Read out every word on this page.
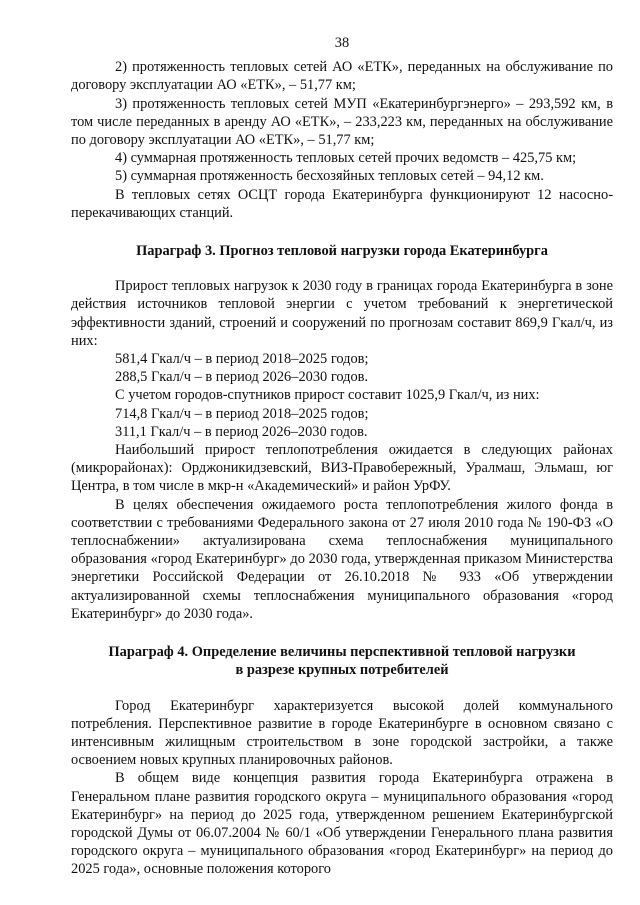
38

2) протяженность тепловых сетей АО «ЕТК», переданных на обслуживание по договору эксплуатации АО «ЕТК», – 51,77 км;

3) протяженность тепловых сетей МУП «Екатеринбургэнерго» – 293,592 км, в том числе переданных в аренду АО «ЕТК», – 233,223 км, переданных на обслуживание по договору эксплуатации АО «ЕТК», – 51,77 км;

4) суммарная протяженность тепловых сетей прочих ведомств – 425,75 км;

5) суммарная протяженность бесхозяйных тепловых сетей – 94,12 км.

В тепловых сетях ОСЦТ города Екатеринбурга функционируют 12 насосно-перекачивающих станций.

Параграф 3. Прогноз тепловой нагрузки города Екатеринбурга

Прирост тепловых нагрузок к 2030 году в границах города Екатеринбурга в зоне действия источников тепловой энергии с учетом требований к энергетической эффективности зданий, строений и сооружений по прогнозам составит 869,9 Гкал/ч, из них:

581,4 Гкал/ч – в период 2018–2025 годов;

288,5 Гкал/ч – в период 2026–2030 годов.

С учетом городов-спутников прирост составит 1025,9 Гкал/ч, из них:

714,8 Гкал/ч – в период 2018–2025 годов;

311,1 Гкал/ч – в период 2026–2030 годов.

Наибольший прирост теплопотребления ожидается в следующих районах (микрорайонах): Орджоникидзевский, ВИЗ-Правобережный, Уралмаш, Эльмаш, юг Центра, в том числе в мкр-н «Академический» и район УрФУ.

В целях обеспечения ожидаемого роста теплопотребления жилого фонда в соответствии с требованиями Федерального закона от 27 июля 2010 года № 190-ФЗ «О теплоснабжении» актуализирована схема теплоснабжения муниципального образования «город Екатеринбург» до 2030 года, утвержденная приказом Министерства энергетики Российской Федерации от 26.10.2018 № 933 «Об утверждении актуализированной схемы теплоснабжения муниципального образования «город Екатеринбург» до 2030 года».

Параграф 4. Определение величины перспективной тепловой нагрузки
в разрезе крупных потребителей

Город Екатеринбург характеризуется высокой долей коммунального потребления. Перспективное развитие в городе Екатеринбурге в основном связано с интенсивным жилищным строительством в зоне городской застройки, а также освоением новых крупных планировочных районов.

В общем виде концепция развития города Екатеринбурга отражена в Генеральном плане развития городского округа – муниципального образования «город Екатеринбург» на период до 2025 года, утвержденном решением Екатеринбургской городской Думы от 06.07.2004 № 60/1 «Об утверждении Генерального плана развития городского округа – муниципального образования «город Екатеринбург» на период до 2025 года», основные положения которого
